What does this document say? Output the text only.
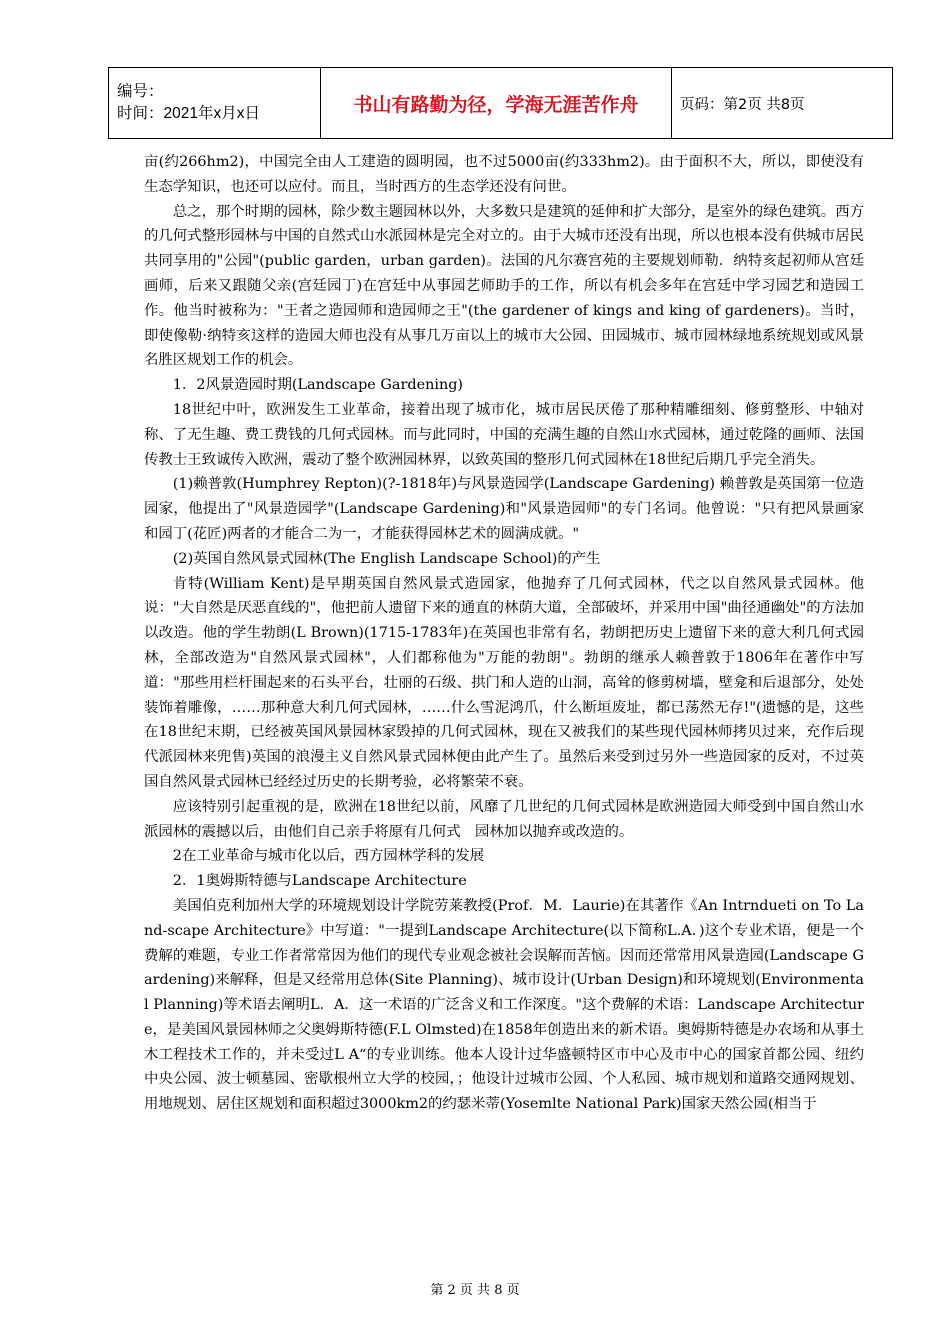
编号：
时间：2021年x月x日	书山有路勤为径，学海无涯苦作舟	页码：第2页 共8页

亩(约266hm2)，中国完全由人工建造的圆明园，也不过5000亩(约333hm2)。由于面积不大，所以，即使没有生态学知识，也还可以应付。而且，当时西方的生态学还没有问世。

总之，那个时期的园林，除少数主题园林以外，大多数只是建筑的延伸和扩大部分，是室外的绿色建筑。西方的几何式整形园林与中国的自然式山水派园林是完全对立的。由于大城市还没有出现，所以也根本没有供城市居民共同享用的"公园"(public garden，urban garden)。法国的凡尔赛宫苑的主要规划师勒．纳特亥起初师从宫廷画师，后来又跟随父亲(宫廷园丁)在宫廷中从事园艺师助手的工作，所以有机会多年在宫廷中学习园艺和造园工作。他当时被称为："王者之造园师和造园师之王"(the gardener of kings and king of gardeners)。当时，即使像勒·纳特亥这样的造园大师也没有从事几万亩以上的城市大公园、田园城市、城市园林绿地系统规划或风景名胜区规划工作的机会。

1．2风景造园时期(Landscape Gardening)

18世纪中叶，欧洲发生工业革命，接着出现了城市化，城市居民厌倦了那种精雕细刻、修剪整形、中轴对称、了无生趣、费工费钱的几何式园林。而与此同时，中国的充满生趣的自然山水式园林，通过乾隆的画师、法国传教士王致诚传入欧洲，震动了整个欧洲园林界，以致英国的整形几何式园林在18世纪后期几乎完全消失。

(1)赖普敦(Humphrey Repton)(?-1818年)与风景造园学(Landscape Gardening) 赖普敦是英国第一位造园家，他提出了"风景造园学"(Landscape Gardening)和"风景造园师"的专门名词。他曾说："只有把风景画家和园丁(花匠)两者的才能合二为一，才能获得园林艺术的圆满成就。"

(2)英国自然风景式园林(The English Landscape School)的产生

肯特(William Kent)是早期英国自然风景式造园家，他抛弃了几何式园林，代之以自然风景式园林。他说："大自然是厌恶直线的"，他把前人遗留下来的通直的林荫大道，全部破坏，并采用中国"曲径通幽处"的方法加以改造。他的学生勃朗(L Brown)(1715-1783年)在英国也非常有名，勃朗把历史上遗留下来的意大利几何式园林，全部改造为"自然风景式园林"，人们都称他为"万能的勃朗"。勃朗的继承人赖普敦于1806年在著作中写道："那些用栏杆围起来的石头平台，壮丽的石级、拱门和人造的山洞，高耸的修剪树墙，壁龛和后退部分，处处装饰着雕像，……那种意大利几何式园林，……什么雪泥鸿爪，什么断垣废址，都已荡然无存!"(遗憾的是，这些在18世纪末期，已经被英国风景园林家毁掉的几何式园林，现在又被我们的某些现代园林师拷贝过来，充作后现代派园林来兜售)英国的浪漫主义自然风景式园林便由此产生了。虽然后来受到过另外一些造园家的反对，不过英国自然风景式园林已经经过历史的长期考验，必将繁荣不衰。

应该特别引起重视的是，欧洲在18世纪以前，风靡了几世纪的几何式园林是欧洲造园大师受到中国自然山水派园林的震撼以后，由他们自己亲手将原有几何式　园林加以抛弃或改造的。

2在工业革命与城市化以后，西方园林学科的发展

2．1奥姆斯特德与Landscape Architecture

美国伯克利加州大学的环境规划设计学院劳莱教授(Prof．M．Laurie)在其著作《An Intrndueti on To Land-scape Architecture》中写道："一提到Landscape Architecture(以下简称L.A．)这个专业术语，便是一个费解的难题，专业工作者常常因为他们的现代专业观念被社会误解而苦恼。因而还常常用风景造园(Landscape Gardening)来解释，但是又经常用总体(Site Planning)、城市设计(Urban Design)和环境规划(Environmental Planning)等术语去阐明L．A．这一术语的广泛含义和工作深度。"这个费解的术语：Landscape Architecture，是美国风景园林师之父奥姆斯特德(F.L Olmsted)在1858年创造出来的新术语。奥姆斯特德是办农场和从事土木工程技术工作的，并未受过L A“的专业训练。他本人设计过华盛顿特区市中心及市中心的国家首都公园、纽约中央公园、波士顿墓园、密歇根州立大学的校园，；他设计过城市公园、个人私园、城市规划和道路交通网规划、用地规划、居住区规划和面积超过3000km2的约瑟米蒂(Yosemlte National Park)国家天然公园(相当于

第 2 页 共 8 页
